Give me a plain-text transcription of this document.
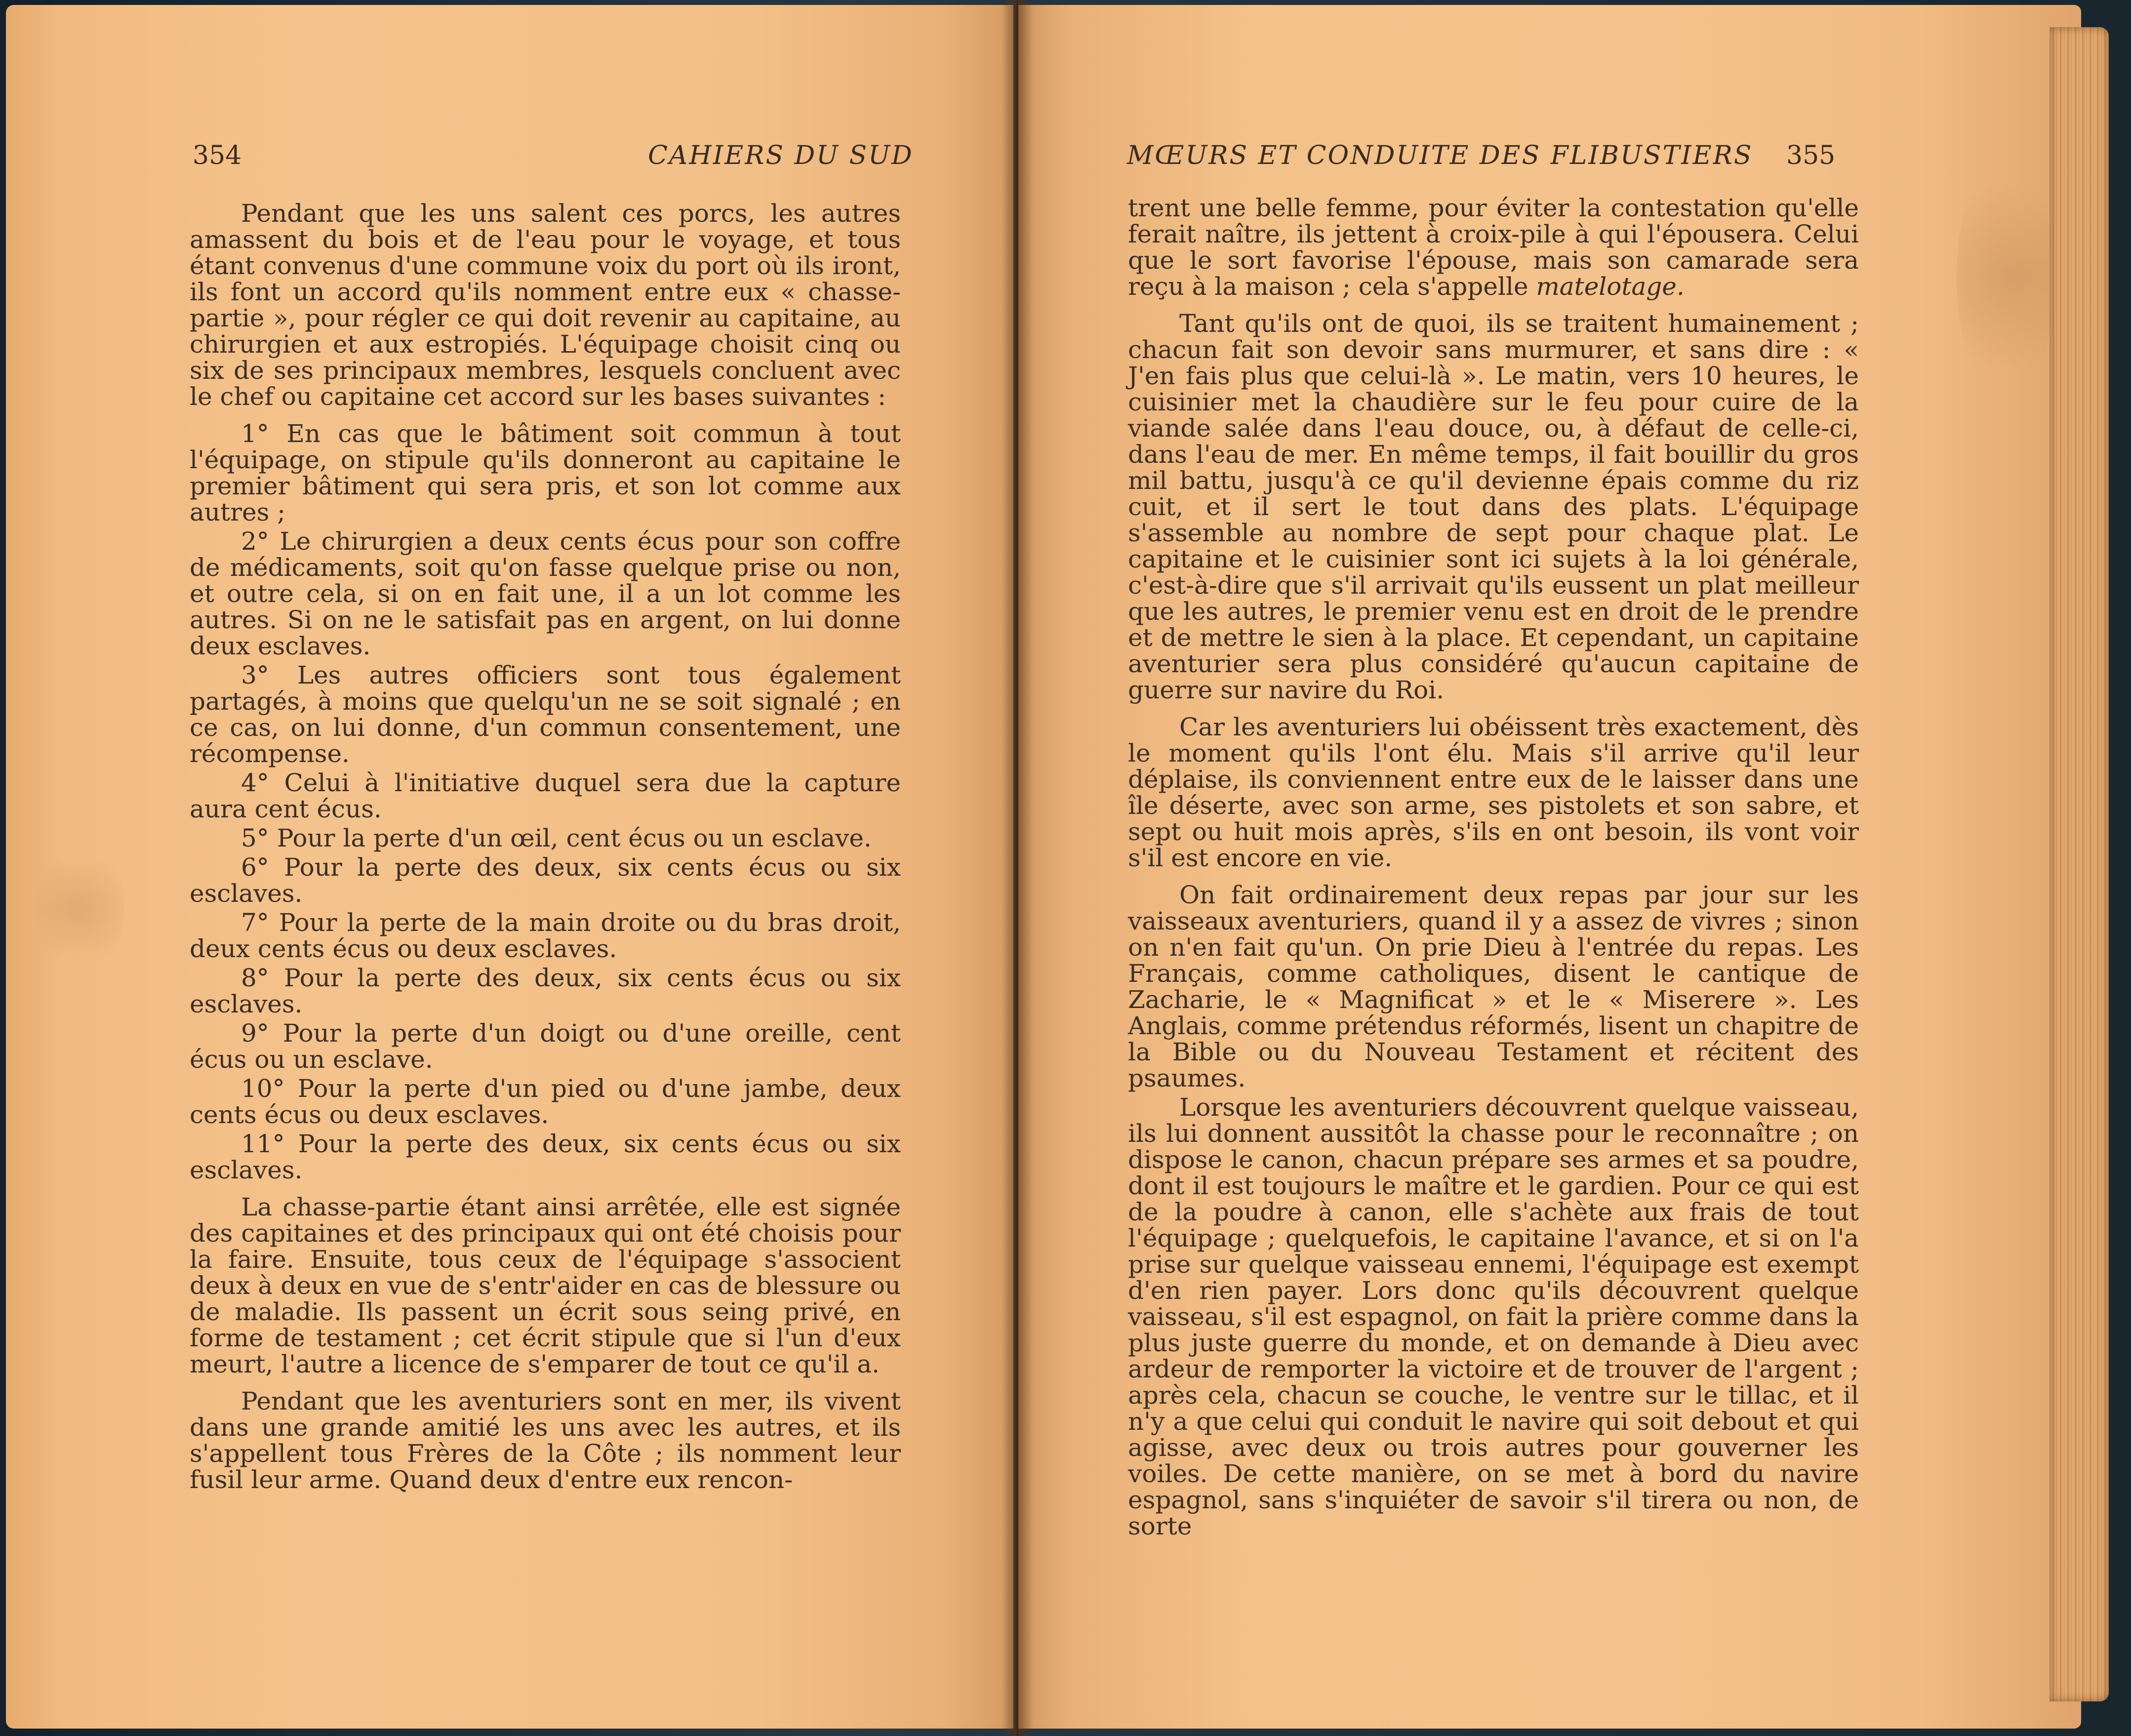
354	CAHIERS DU SUD

Pendant que les uns salent ces porcs, les autres amassent du bois et de l'eau pour le voyage, et tous étant convenus d'une commune voix du port où ils iront, ils font un accord qu'ils nomment entre eux « chasse-partie », pour régler ce qui doit revenir au capitaine, au chirurgien et aux estropiés. L'équipage choisit cinq ou six de ses principaux membres, lesquels concluent avec le chef ou capitaine cet accord sur les bases suivantes :

1° En cas que le bâtiment soit commun à tout l'équipage, on stipule qu'ils donneront au capitaine le premier bâtiment qui sera pris, et son lot comme aux autres ;

2° Le chirurgien a deux cents écus pour son coffre de médicaments, soit qu'on fasse quelque prise ou non, et outre cela, si on en fait une, il a un lot comme les autres. Si on ne le satisfait pas en argent, on lui donne deux esclaves.

3° Les autres officiers sont tous également partagés, à moins que quelqu'un ne se soit signalé ; en ce cas, on lui donne, d'un commun consentement, une récompense.

4° Celui à l'initiative duquel sera due la capture aura cent écus.

5° Pour la perte d'un œil, cent écus ou un esclave.

6° Pour la perte des deux, six cents écus ou six esclaves.

7° Pour la perte de la main droite ou du bras droit, deux cents écus ou deux esclaves.

8° Pour la perte des deux, six cents écus ou six esclaves.

9° Pour la perte d'un doigt ou d'une oreille, cent écus ou un esclave.

10° Pour la perte d'un pied ou d'une jambe, deux cents écus ou deux esclaves.

11° Pour la perte des deux, six cents écus ou six esclaves.

La chasse-partie étant ainsi arrêtée, elle est signée des capitaines et des principaux qui ont été choisis pour la faire. Ensuite, tous ceux de l'équipage s'associent deux à deux en vue de s'entr'aider en cas de blessure ou de maladie. Ils passent un écrit sous seing privé, en forme de testament ; cet écrit stipule que si l'un d'eux meurt, l'autre a licence de s'emparer de tout ce qu'il a.

Pendant que les aventuriers sont en mer, ils vivent dans une grande amitié les uns avec les autres, et ils s'appellent tous Frères de la Côte ; ils nomment leur fusil leur arme. Quand deux d'entre eux rencon-

MŒURS ET CONDUITE DES FLIBUSTIERS 355

trent une belle femme, pour éviter la contestation qu'elle ferait naître, ils jettent à croix-pile à qui l'épousera. Celui que le sort favorise l'épouse, mais son camarade sera reçu à la maison ; cela s'appelle matelotage.

Tant qu'ils ont de quoi, ils se traitent humainement ; chacun fait son devoir sans murmurer, et sans dire : « J'en fais plus que celui-là ». Le matin, vers 10 heures, le cuisinier met la chaudière sur le feu pour cuire de la viande salée dans l'eau douce, ou, à défaut de celle-ci, dans l'eau de mer. En même temps, il fait bouillir du gros mil battu, jusqu'à ce qu'il devienne épais comme du riz cuit, et il sert le tout dans des plats. L'équipage s'assemble au nombre de sept pour chaque plat. Le capitaine et le cuisinier sont ici sujets à la loi générale, c'est-à-dire que s'il arrivait qu'ils eussent un plat meilleur que les autres, le premier venu est en droit de le prendre et de mettre le sien à la place. Et cependant, un capitaine aventurier sera plus considéré qu'aucun capitaine de guerre sur navire du Roi.

Car les aventuriers lui obéissent très exactement, dès le moment qu'ils l'ont élu. Mais s'il arrive qu'il leur déplaise, ils conviennent entre eux de le laisser dans une île déserte, avec son arme, ses pistolets et son sabre, et sept ou huit mois après, s'ils en ont besoin, ils vont voir s'il est encore en vie.

On fait ordinairement deux repas par jour sur les vaisseaux aventuriers, quand il y a assez de vivres ; sinon on n'en fait qu'un. On prie Dieu à l'entrée du repas. Les Français, comme catholiques, disent le cantique de Zacharie, le « Magnificat » et le « Miserere ». Les Anglais, comme prétendus réformés, lisent un chapitre de la Bible ou du Nouveau Testament et récitent des psaumes.

Lorsque les aventuriers découvrent quelque vaisseau, ils lui donnent aussitôt la chasse pour le reconnaître ; on dispose le canon, chacun prépare ses armes et sa poudre, dont il est toujours le maître et le gardien. Pour ce qui est de la poudre à canon, elle s'achète aux frais de tout l'équipage ; quelquefois, le capitaine l'avance, et si on l'a prise sur quelque vaisseau ennemi, l'équipage est exempt d'en rien payer. Lors donc qu'ils découvrent quelque vaisseau, s'il est espagnol, on fait la prière comme dans la plus juste guerre du monde, et on demande à Dieu avec ardeur de remporter la victoire et de trouver de l'argent ; après cela, chacun se couche, le ventre sur le tillac, et il n'y a que celui qui conduit le navire qui soit debout et qui agisse, avec deux ou trois autres pour gouverner les voiles. De cette manière, on se met à bord du navire espagnol, sans s'inquiéter de savoir s'il tirera ou non, de sorte
